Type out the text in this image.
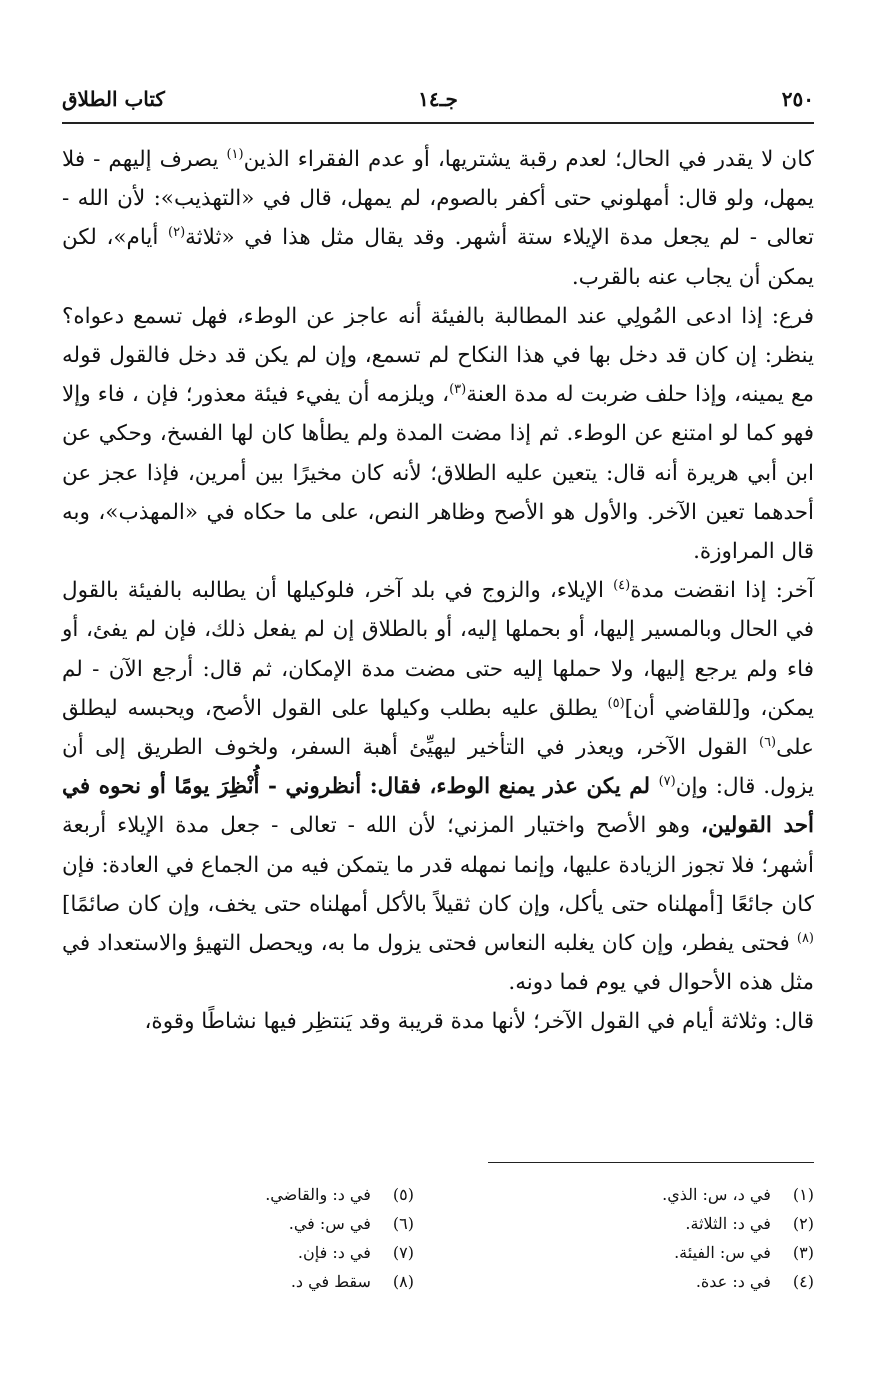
٢٥٠
جـ١٤
كتاب الطلاق

كان لا يقدر في الحال؛ لعدم رقبة يشتريها، أو عدم الفقراء الذين$^{(١)}$ يصرف إليهم - فلا يمهل، ولو قال: أمهلوني حتى أكفر بالصوم، لم يمهل، قال في «التهذيب»: لأن الله - تعالى - لم يجعل مدة الإيلاء ستة أشهر. وقد يقال مثل هذا في «ثلاثة$^{(٢)}$ أيام»، لكن يمكن أن يجاب عنه بالقرب.

فرع: إذا ادعى المُولِي عند المطالبة بالفيئة أنه عاجز عن الوطء، فهل تسمع دعواه؟ ينظر: إن كان قد دخل بها في هذا النكاح لم تسمع، وإن لم يكن قد دخل فالقول قوله مع يمينه، وإذا حلف ضربت له مدة العنة$^{(٣)}$، ويلزمه أن يفيء فيئة معذور؛ فإن ، فاء وإلا فهو كما لو امتنع عن الوطء. ثم إذا مضت المدة ولم يطأها كان لها الفسخ، وحكي عن ابن أبي هريرة أنه قال: يتعين عليه الطلاق؛ لأنه كان مخيرًا بين أمرين، فإذا عجز عن أحدهما تعين الآخر. والأول هو الأصح وظاهر النص، على ما حكاه في «المهذب»، وبه قال المراوزة.

آخر: إذا انقضت مدة$^{(٤)}$ الإيلاء، والزوج في بلد آخر، فلوكيلها أن يطالبه بالفيئة بالقول في الحال وبالمسير إليها، أو بحملها إليه، أو بالطلاق إن لم يفعل ذلك، فإن لم يفئ، أو فاء ولم يرجع إليها، ولا حملها إليه حتى مضت مدة الإمكان، ثم قال: أرجع الآن - لم يمكن، و[للقاضي أن]$^{(٥)}$ يطلق عليه بطلب وكيلها على القول الأصح، ويحبسه ليطلق على$^{(٦)}$ القول الآخر، ويعذر في التأخير ليهيِّئ أهبة السفر، ولخوف الطريق إلى أن يزول. قال: وإن$^{(٧)}$ لم يكن عذر يمنع الوطء، فقال: أنظروني - أُنْظِرَ يومًا أو نحوه في أحد القولين، وهو الأصح واختيار المزني؛ لأن الله - تعالى - جعل مدة الإيلاء أربعة أشهر؛ فلا تجوز الزيادة عليها، وإنما نمهله قدر ما يتمكن فيه من الجماع في العادة: فإن كان جائعًا [أمهلناه حتى يأكل، وإن كان ثقيلاً بالأكل أمهلناه حتى يخف، وإن كان صائمًا]$^{(٨)}$ فحتى يفطر، وإن كان يغلبه النعاس فحتى يزول ما به، ويحصل التهيؤ والاستعداد في مثل هذه الأحوال في يوم فما دونه.

قال: وثلاثة أيام في القول الآخر؛ لأنها مدة قريبة وقد يَنتظِر فيها نشاطًا وقوة،

(١) في د، س: الذي.
(٢) في د: الثلاثة.
(٣) في س: الفيئة.
(٤) في د: عدة.
(٥) في د: والقاضي.
(٦) في س: في.
(٧) في د: فإن.
(٨) سقط في د.
